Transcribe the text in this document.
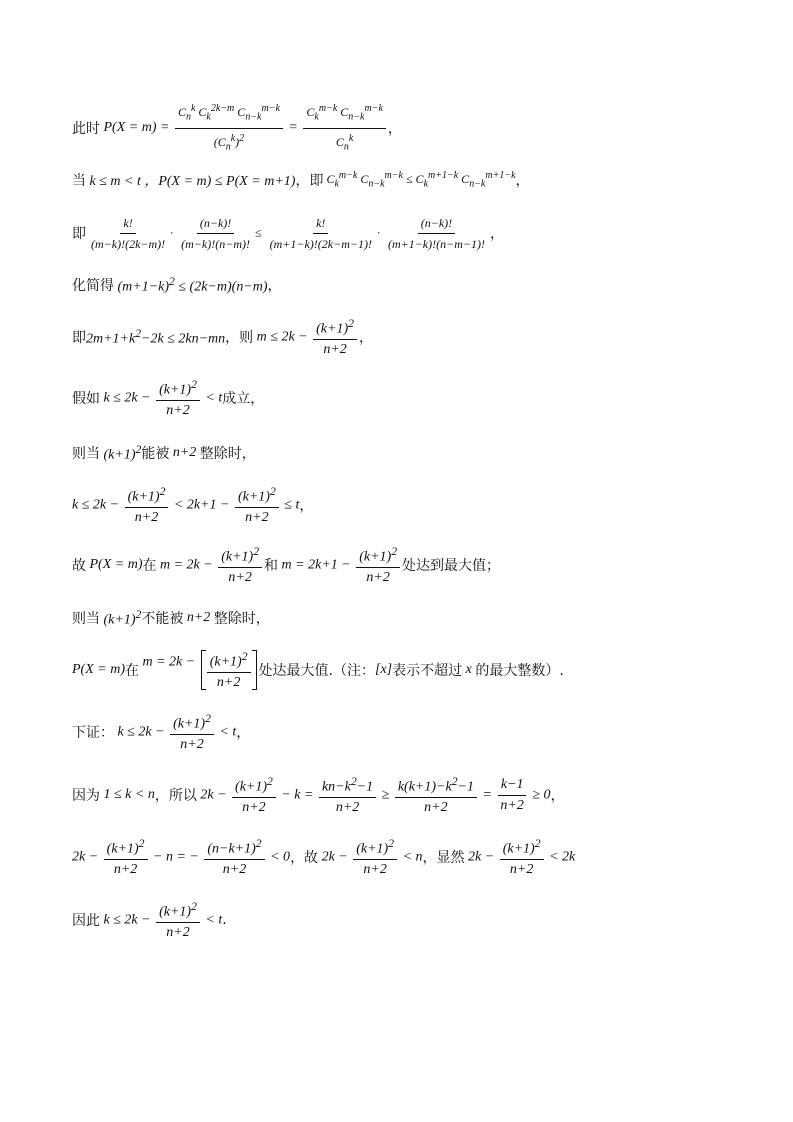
此时 P(X = m) =
$C_n^k$ $C_k^{2k-m}$ $C_{n-k}^{m-k}$
$(C_n^k)^2$
=
$C_k^{m-k}$ $C_{n-k}^{m-k}$
$C_n^k$
，
当 k ≤ m < t ，P(X = m) ≤ P(X = m+1) ，即 $C_k^{m-k}$ $C_{n-k}^{m-k} \le C_k^{m+1-k}$ $C_{n-k}^{m+1-k}$ ，
即 $\frac{k!}{(m-k)!(2k-m)!} \cdot \frac{(n-k)!}{(m-k)!(n-m)!} \le \frac{k!}{(m+1-k)!(2k-m-1)!} \cdot \frac{(n-k)!}{(m+1-k)!(n-m-1)!}$ ，
化简得 $(m+1-k)^2 \le (2k-m)(n-m)$ ，
即 $2m+1+k^2-2k \le 2kn-mn$ ，则 $m \le 2k - \frac{(k+1)^2}{n+2}$ ，
假如 $k \le 2k - \frac{(k+1)^2}{n+2} < t$ 成立，
则当 $(k+1)^2$ 能被 n+2 整除时，
$k \le 2k - \frac{(k+1)^2}{n+2} < 2k+1 - \frac{(k+1)^2}{n+2} \le t$ ，
故 P(X = m) 在 $m = 2k - \frac{(k+1)^2}{n+2}$ 和 $m = 2k+1 - \frac{(k+1)^2}{n+2}$ 处达到最大值；
则当 $(k+1)^2$ 不能被 n+2 整除时，
P(X = m) 在
$m = 2k - (k+1)^2$
n+2
处达最大值.（注： [x] 表示不超过 x 的最大整数）.
下证： $k \le 2k - \frac{(k+1)^2}{n+2} < t$ ，
因为 1 ≤ k < n ，所以 $2k - \frac{(k+1)^2}{n+2} - k = \frac{kn-k^2-1}{n+2} \ge \frac{k(k+1)-k^2-1}{n+2} = \frac{k-1}{n+2} \ge 0$ ，
$2k - \frac{(k+1)^2}{n+2} - n$ = − $\frac{(n-k+1)^2}{n+2} < 0$ ，故 $2k - \frac{(k+1)^2}{n+2} < n$ ，显然 $2k - \frac{(k+1)^2}{n+2} < 2k$
因此 $k \le 2k - \frac{(k+1)^2}{n+2} < t$ .
